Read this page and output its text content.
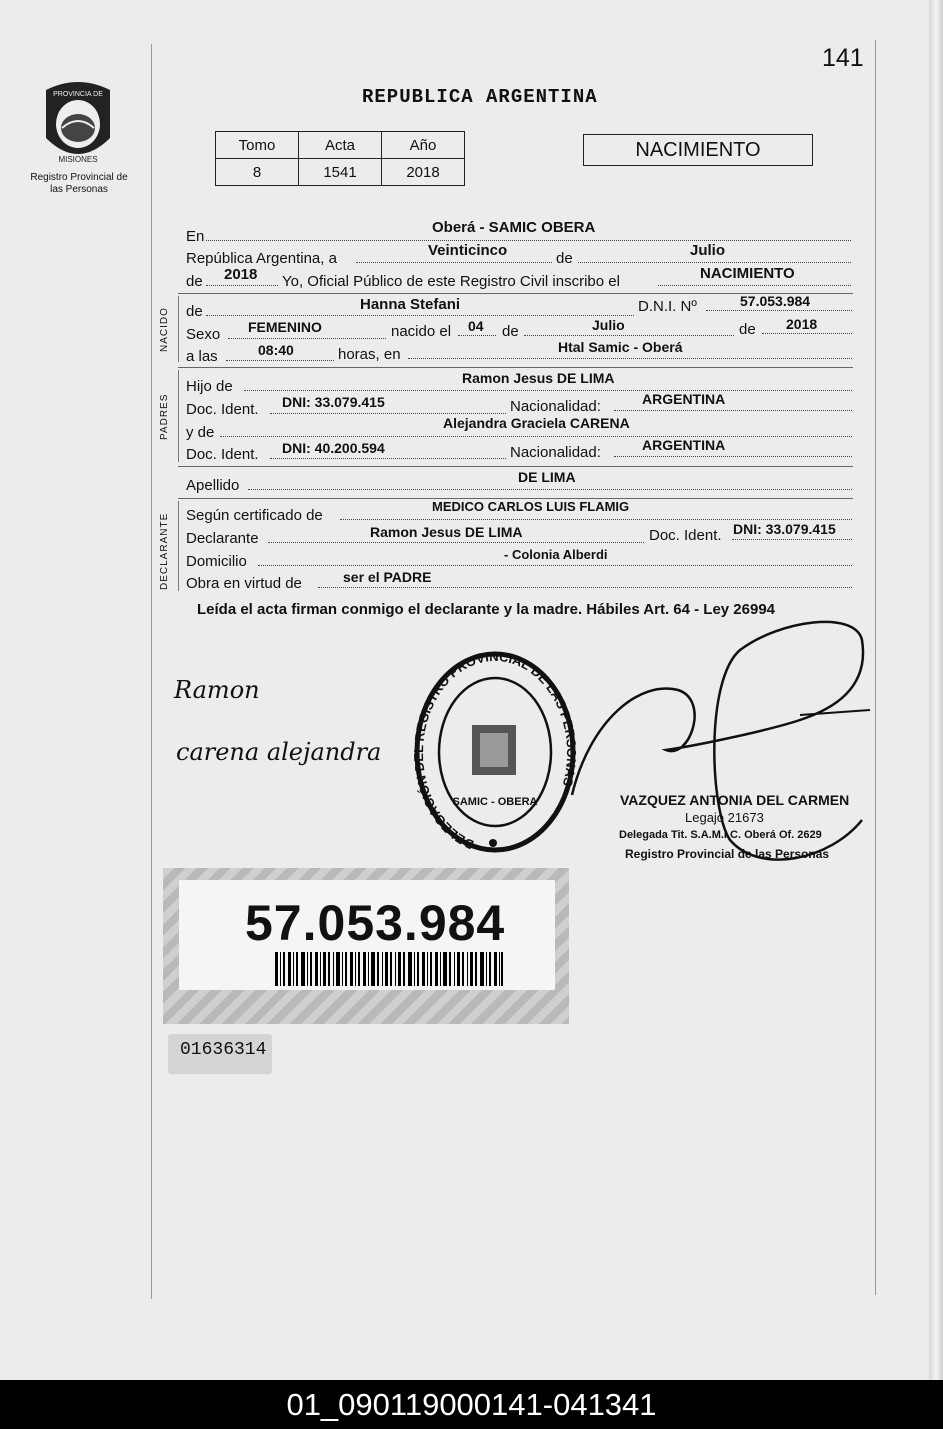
141
PROVINCIA DE
MISIONES
Registro Provincial de las Personas
REPUBLICA ARGENTINA
Tomo	Acta	Año
8	1541	2018
NACIMIENTO
En
Oberá - SAMIC OBERA
República Argentina, a	Veinticinco	de	Julio
de 2018 Yo, Oficial Público de este Registro Civil inscribo el	NACIMIENTO
NACIDO de	Hanna Stefani	D.N.I. Nº	57.053.984
Sexo FEMENINO	nacido el 04 de	Julio	de 2018
a las	08:40	horas, en	Htal Samic - Oberá
PADRES
Hijo de	Ramon Jesus DE LIMA
Doc. Ident. DNI: 33.079.415	Nacionalidad:	ARGENTINA
y de
Alejandra Graciela CARENA
Doc. Ident. DNI: 40.200.594	Nacionalidad:	ARGENTINA
Apellido	DE LIMA
DECLARANTE Según certificado de
MEDICO CARLOS LUIS FLAMIG
Declarante	Ramon Jesus DE LIMA	Doc. Ident. DNI: 33.079.415
Domicilio	- Colonia Alberdi
Obra en virtud de	ser el PADRE
Leída el acta firman conmigo el declarante y la madre. Hábiles Art. 64 - Ley 26994
Ramon
carena alejandra
DELEGACIÓN DEL REGISTRO PROVINCIAL DE LAS PERSONAS
SAMIC - OBERA	VAZQUEZ ANTONIA DEL CARMEN
Legajo 21673
Delegada Tit. S.A.M.I.C. Oberá Of. 2629
Registro Provincial de las Personas
57.053.984
01636314
01_090119000141-041341
